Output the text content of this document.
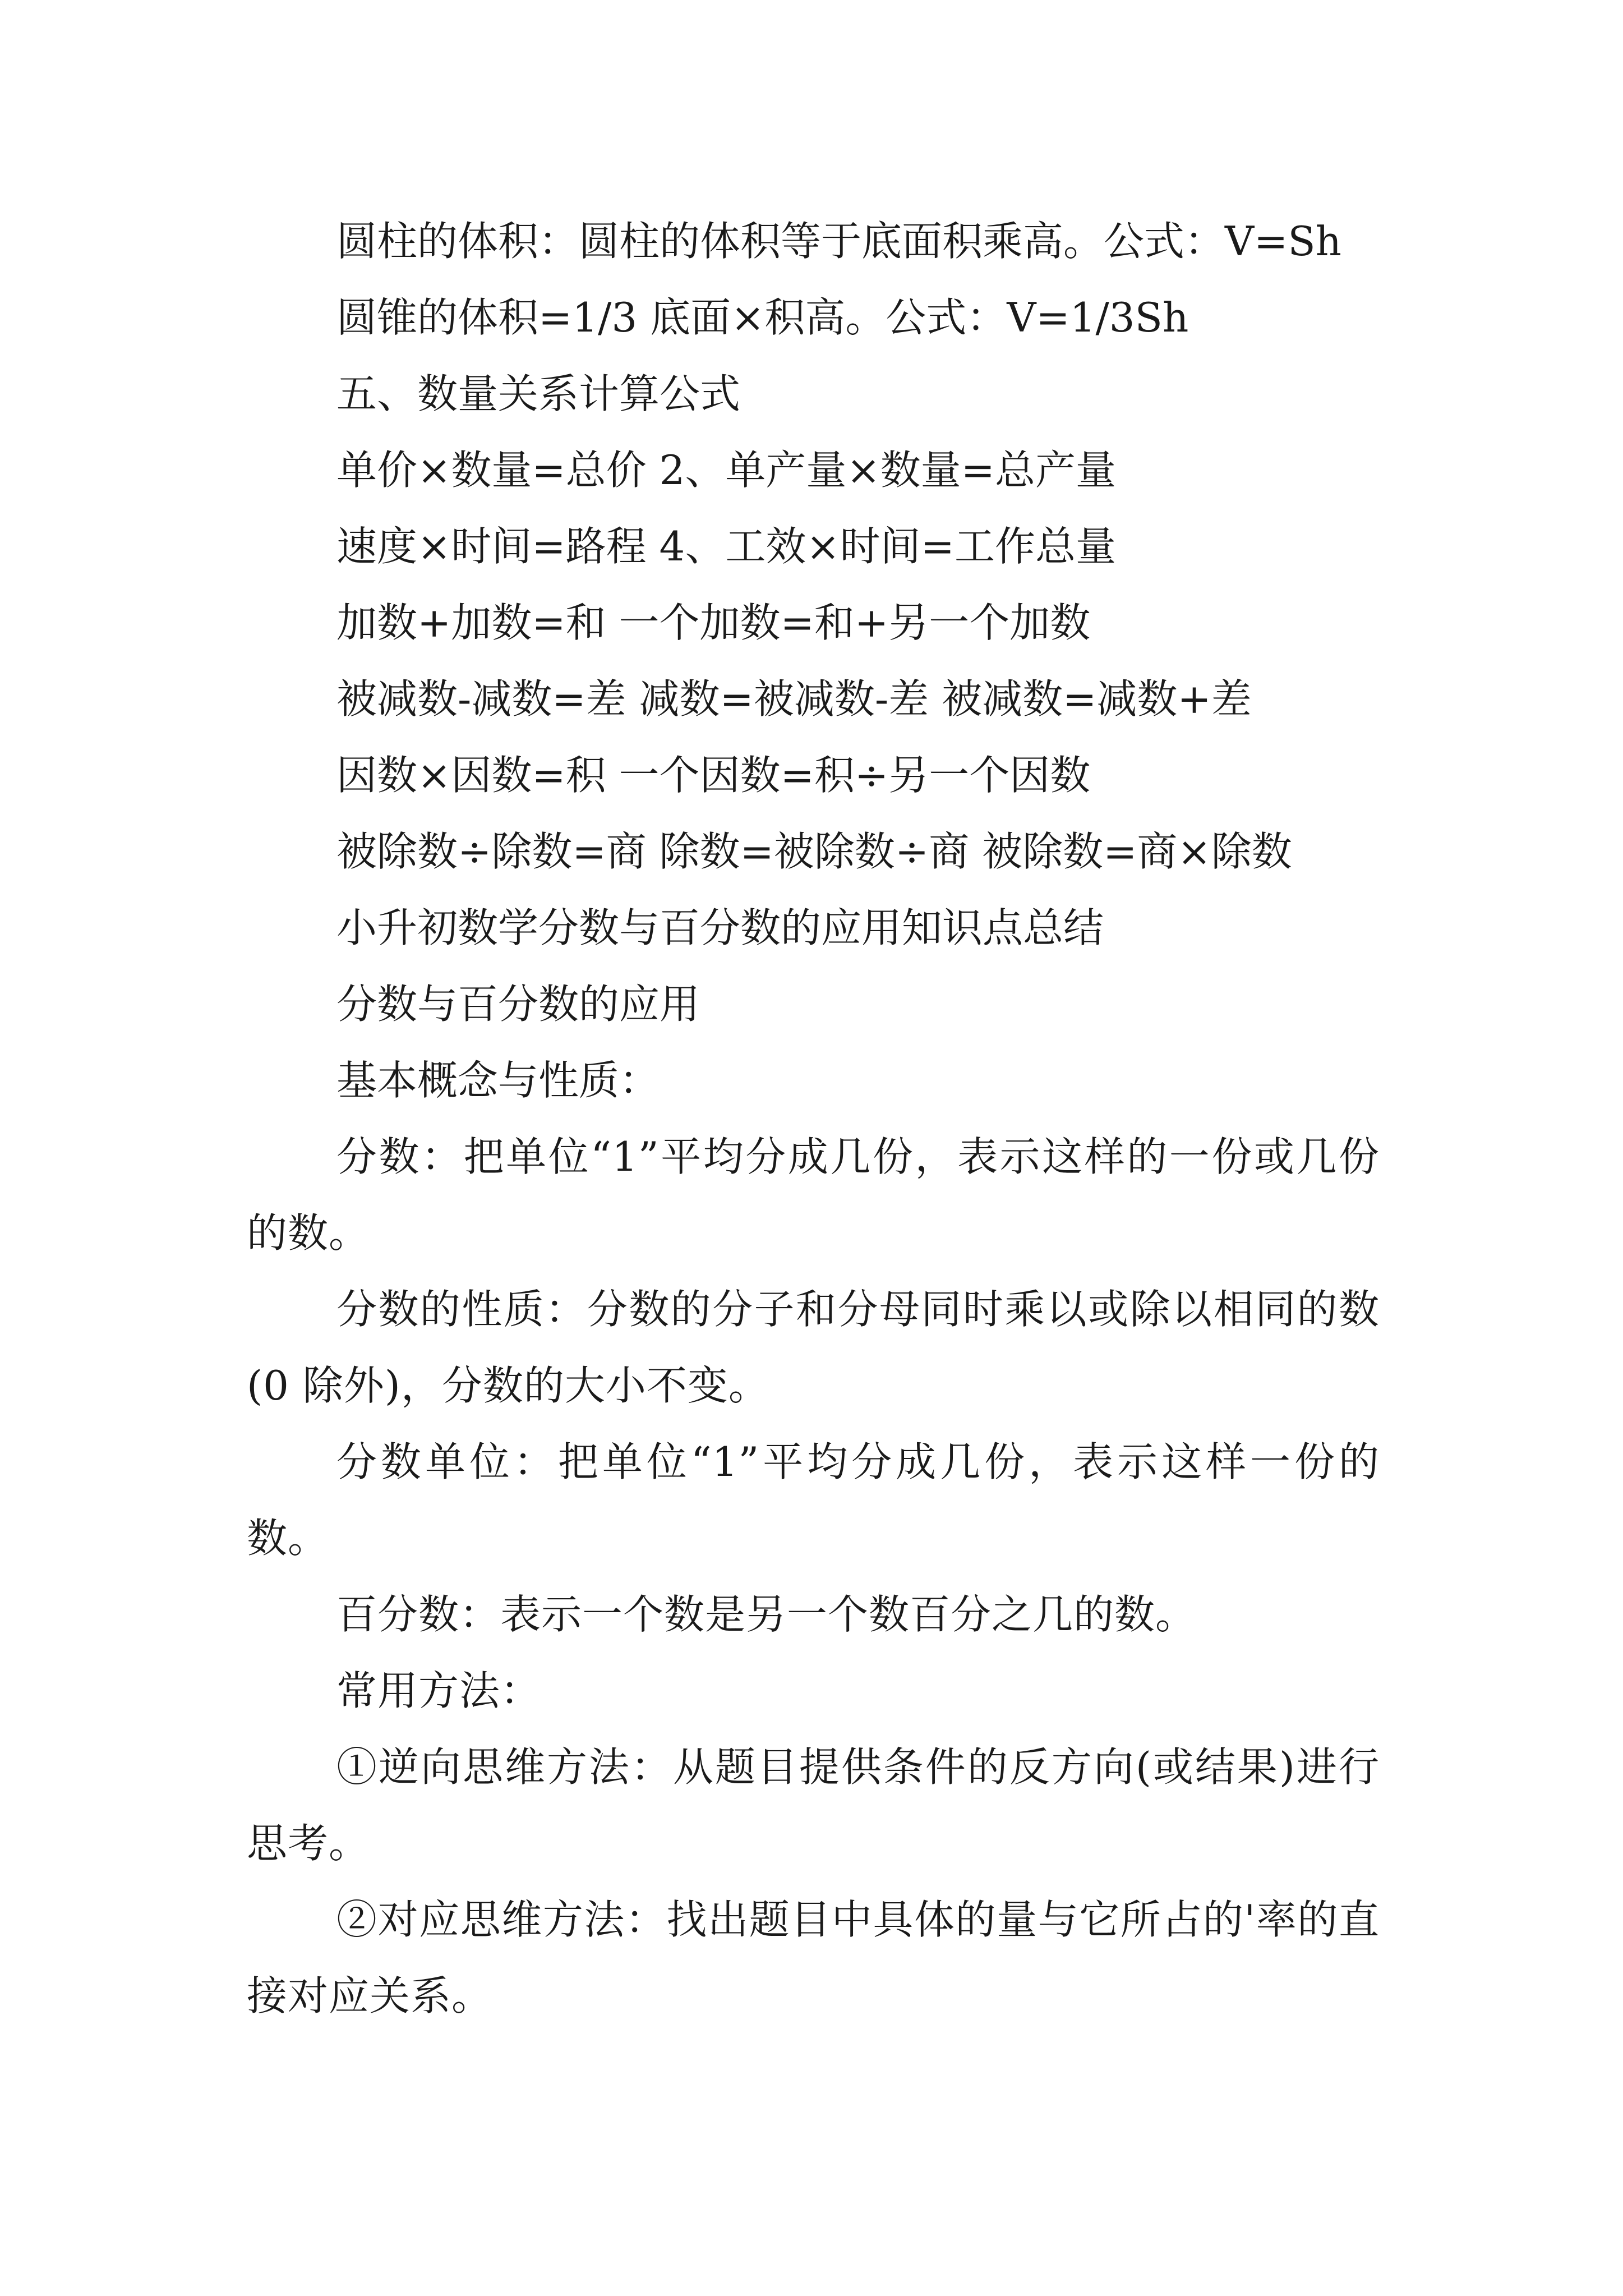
圆柱的体积：圆柱的体积等于底面积乘高。公式：V=Sh
圆锥的体积=1/3 底面×积高。公式：V=1/3Sh
五、数量关系计算公式
单价×数量=总价 2、单产量×数量=总产量
速度×时间=路程 4、工效×时间=工作总量
加数+加数=和 一个加数=和+另一个加数
被减数-减数=差 减数=被减数-差 被减数=减数+差
因数×因数=积 一个因数=积÷另一个因数
被除数÷除数=商 除数=被除数÷商 被除数=商×除数
小升初数学分数与百分数的应用知识点总结
分数与百分数的应用
基本概念与性质：
分数：把单位“1”平均分成几份，表示这样的一份或几份的数。
分数的性质：分数的分子和分母同时乘以或除以相同的数(0 除外)，分数的大小不变。
分数单位：把单位“1”平均分成几份，表示这样一份的数。
百分数：表示一个数是另一个数百分之几的数。
常用方法：
①逆向思维方法：从题目提供条件的反方向(或结果)进行思考。
②对应思维方法：找出题目中具体的量与它所占的'率的直接对应关系。
